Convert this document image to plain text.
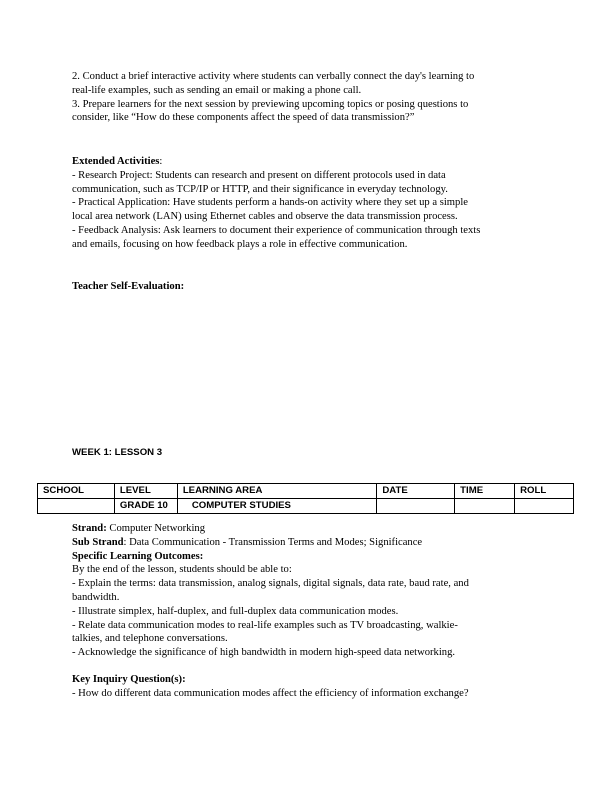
2. Conduct a brief interactive activity where students can verbally connect the day's learning to
real-life examples, such as sending an email or making a phone call.
3. Prepare learners for the next session by previewing upcoming topics or posing questions to
consider, like “How do these components affect the speed of data transmission?”
Extended Activities:
- Research Project: Students can research and present on different protocols used in data
communication, such as TCP/IP or HTTP, and their significance in everyday technology.
- Practical Application: Have students perform a hands-on activity where they set up a simple
local area network (LAN) using Ethernet cables and observe the data transmission process.
- Feedback Analysis: Ask learners to document their experience of communication through texts
and emails, focusing on how feedback plays a role in effective communication.
Teacher Self-Evaluation:
WEEK 1: LESSON 3
SCHOOL	LEVEL	LEARNING AREA	DATE	TIME	ROLL
	GRADE 10	COMPUTER STUDIES			
Strand: Computer Networking
Sub Strand: Data Communication - Transmission Terms and Modes; Significance
Specific Learning Outcomes:
By the end of the lesson, students should be able to:
- Explain the terms: data transmission, analog signals, digital signals, data rate, baud rate, and
bandwidth.
- Illustrate simplex, half-duplex, and full-duplex data communication modes.
- Relate data communication modes to real-life examples such as TV broadcasting, walkie-
talkies, and telephone conversations.
- Acknowledge the significance of high bandwidth in modern high-speed data networking.
Key Inquiry Question(s):
- How do different data communication modes affect the efficiency of information exchange?
